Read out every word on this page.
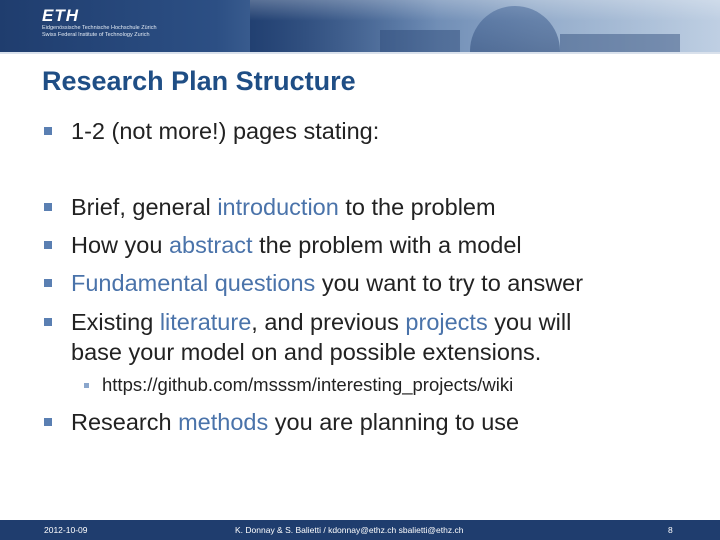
ETH
Eidgenössische Technische Hochschule Zürich
Swiss Federal Institute of Technology Zurich
Research Plan Structure
1-2 (not more!) pages stating:
Brief, general introduction to the problem
How you abstract the problem with a model
Fundamental questions you want to try to answer
Existing literature, and previous projects you will
base your model on and possible extensions.
https://github.com/msssm/interesting_projects/wiki
Research methods you are planning to use
2012-10-09	K. Donnay & S. Balietti / kdonnay@ethz.ch sbalietti@ethz.ch	8
